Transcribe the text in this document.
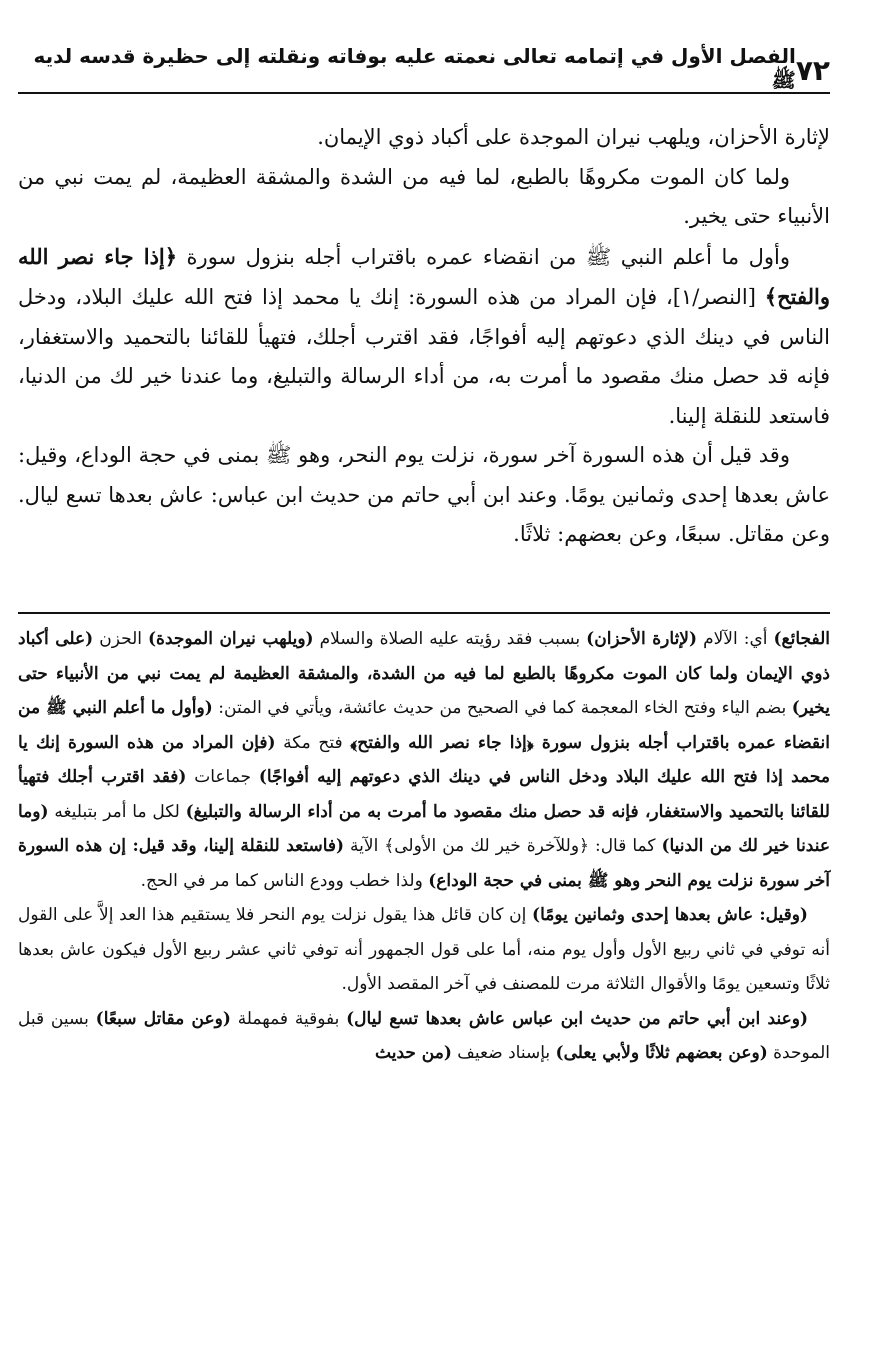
٧٢
الفصل الأول في إتمامه تعالى نعمته عليه بوفاته ونقلته إلى حظيرة قدسه لديه ﷺ

لإثارة الأحزان، ويلهب نيران الموجدة على أكباد ذوي الإيمان.

ولما كان الموت مكروهًا بالطبع، لما فيه من الشدة والمشقة العظيمة، لم يمت نبي من الأنبياء حتى يخير.

وأول ما أعلم النبي ﷺ من انقضاء عمره باقتراب أجله بنزول سورة ﴿إذا جاء نصر الله والفتح﴾ [النصر/١]، فإن المراد من هذه السورة: إنك يا محمد إذا فتح الله عليك البلاد، ودخل الناس في دينك الذي دعوتهم إليه أفواجًا، فقد اقترب أجلك، فتهيأ للقائنا بالتحميد والاستغفار، فإنه قد حصل منك مقصود ما أمرت به، من أداء الرسالة والتبليغ، وما عندنا خير لك من الدنيا، فاستعد للنقلة إلينا.

وقد قيل أن هذه السورة آخر سورة، نزلت يوم النحر، وهو ﷺ بمنى في حجة الوداع، وقيل: عاش بعدها إحدى وثمانين يومًا. وعند ابن أبي حاتم من حديث ابن عباس: عاش بعدها تسع ليال. وعن مقاتل. سبعًا، وعن بعضهم: ثلاثًا.

الفجائع) أي: الآلام (لإثارة الأحزان) بسبب فقد رؤيته عليه الصلاة والسلام (ويلهب نيران الموجدة) الحزن (على أكباد ذوي الإيمان ولما كان الموت مكروهًا بالطبع لما فيه من الشدة، والمشقة العظيمة لم يمت نبي من الأنبياء حتى يخير) بضم الياء وفتح الخاء المعجمة كما في الصحيح من حديث عائشة، ويأتي في المتن: (وأول ما أعلم النبي ﷺ من انقضاء عمره باقتراب أجله بنزول سورة ﴿إذا جاء نصر الله والفتح﴾ فتح مكة (فإن المراد من هذه السورة إنك يا محمد إذا فتح الله عليك البلاد ودخل الناس في دينك الذي دعوتهم إليه أفواجًا) جماعات (فقد اقترب أجلك فتهيأ للقائنا بالتحميد والاستغفار، فإنه قد حصل منك مقصود ما أمرت به من أداء الرسالة والتبليغ) لكل ما أمر بتبليغه (وما عندنا خير لك من الدنيا) كما قال: ﴿وللآخرة خير لك من الأولى﴾ الآية (فاستعد للنقلة إلينا، وقد قيل: إن هذه السورة آخر سورة نزلت يوم النحر وهو ﷺ بمنى في حجة الوداع) ولذا خطب وودع الناس كما مر في الحج.

(وقيل: عاش بعدها إحدى وثمانين يومًا) إن كان قائل هذا يقول نزلت يوم النحر فلا يستقيم هذا العد إلاَّ على القول أنه توفي في ثاني ربيع الأول وأول يوم منه، أما على قول الجمهور أنه توفي ثاني عشر ربيع الأول فيكون عاش بعدها ثلاثًا وتسعين يومًا والأقوال الثلاثة مرت للمصنف في آخر المقصد الأول.

(وعند ابن أبي حاتم من حديث ابن عباس عاش بعدها تسع ليال) بفوقية فمهملة (وعن مقاتل سبعًا) بسين قبل الموحدة (وعن بعضهم ثلاثًا ولأبي يعلى) بإسناد ضعيف (من حديث
